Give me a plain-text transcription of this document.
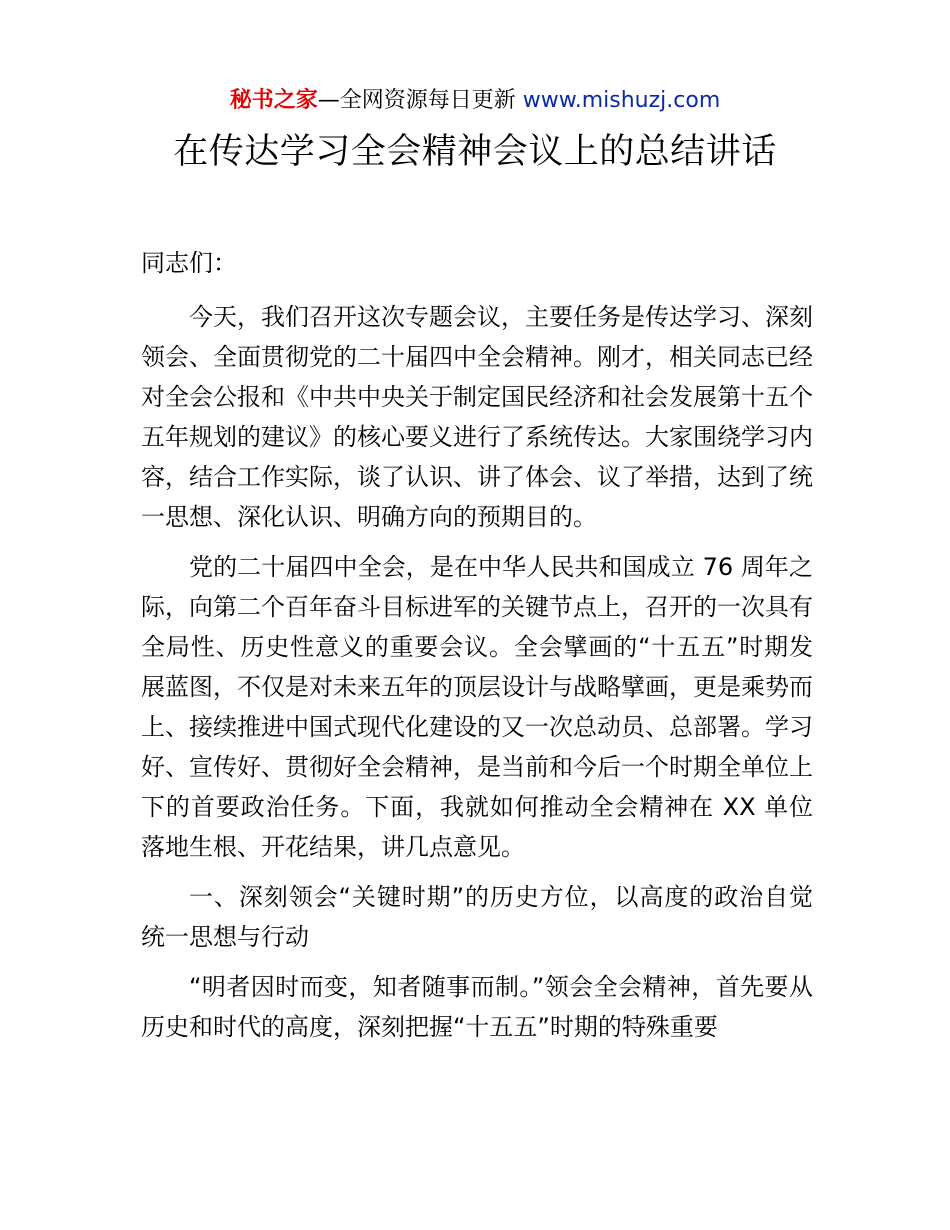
秘书之家—全网资源每日更新 www.mishuzj.com
在传达学习全会精神会议上的总结讲话

同志们：

今天，我们召开这次专题会议，主要任务是传达学习、深刻领会、全面贯彻党的二十届四中全会精神。刚才，相关同志已经对全会公报和《中共中央关于制定国民经济和社会发展第十五个五年规划的建议》的核心要义进行了系统传达。大家围绕学习内容，结合工作实际，谈了认识、讲了体会、议了举措，达到了统一思想、深化认识、明确方向的预期目的。

党的二十届四中全会，是在中华人民共和国成立 76 周年之际，向第二个百年奋斗目标进军的关键节点上，召开的一次具有全局性、历史性意义的重要会议。全会擘画的“十五五”时期发展蓝图，不仅是对未来五年的顶层设计与战略擘画，更是乘势而上、接续推进中国式现代化建设的又一次总动员、总部署。学习好、宣传好、贯彻好全会精神，是当前和今后一个时期全单位上下的首要政治任务。下面，我就如何推动全会精神在 XX 单位落地生根、开花结果，讲几点意见。

一、深刻领会“关键时期”的历史方位，以高度的政治自觉统一思想与行动

“明者因时而变，知者随事而制。”领会全会精神，首先要从历史和时代的高度，深刻把握“十五五”时期的特殊重要
